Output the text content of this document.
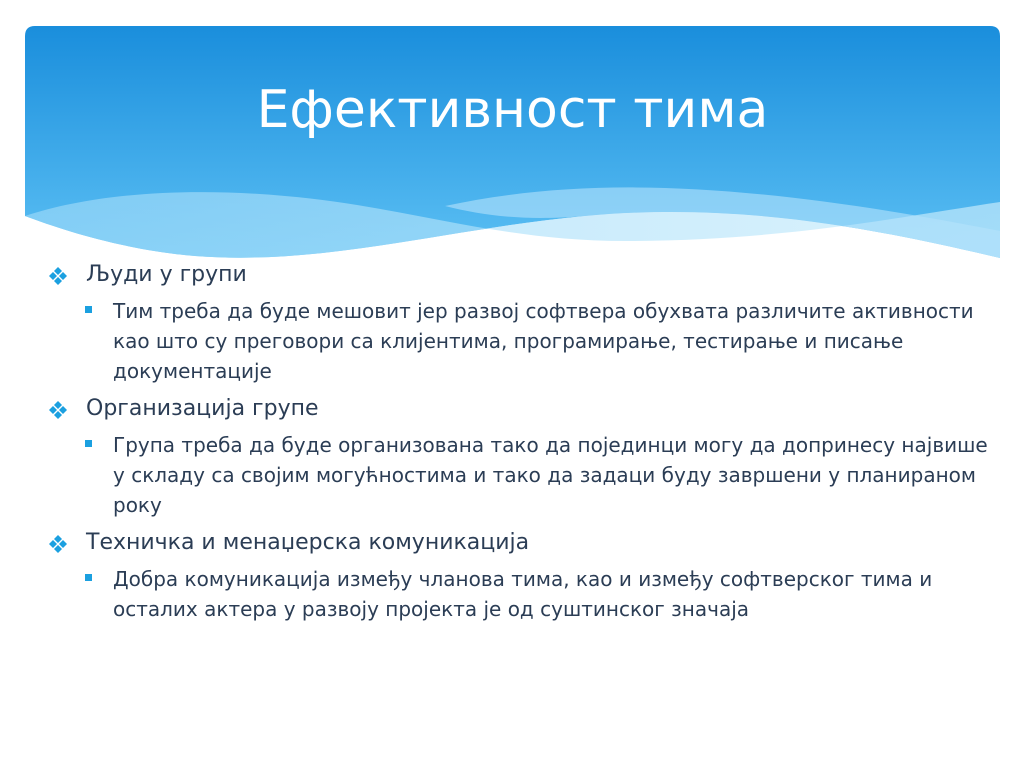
Ефективност тима
Људи у групи
Тим треба да буде мешовит јер развој софтвера обухвата различите активности као што су преговори са клијентима, програмирање, тестирање и писање документације
Организација групе
Група треба да буде организована тако да појединци могу да допринесу највише у складу са својим могућностима и тако да задаци буду завршени у планираном року
Техничка и менаџерска комуникација
Добра комуникација између чланова тима, као и између софтверског тима и осталих актера у развоју пројекта је од суштинског значаја
